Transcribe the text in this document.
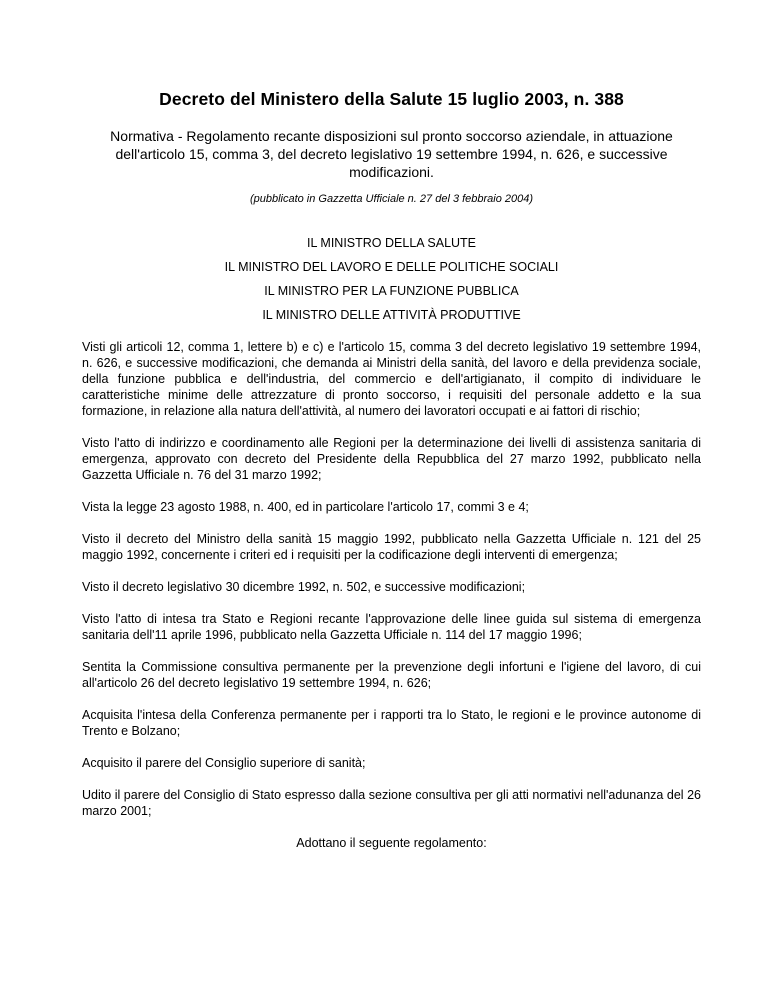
Decreto del Ministero della Salute 15 luglio 2003, n. 388

Normativa - Regolamento recante disposizioni sul pronto soccorso aziendale, in attuazione dell'articolo 15, comma 3, del decreto legislativo 19 settembre 1994, n. 626, e successive modificazioni.

(pubblicato in Gazzetta Ufficiale n. 27 del 3 febbraio 2004)

IL MINISTRO DELLA SALUTE
IL MINISTRO DEL LAVORO E DELLE POLITICHE SOCIALI
IL MINISTRO PER LA FUNZIONE PUBBLICA
IL MINISTRO DELLE ATTIVITÀ PRODUTTIVE

Visti gli articoli 12, comma 1, lettere b) e c) e l'articolo 15, comma 3 del decreto legislativo 19 settembre 1994, n. 626, e successive modificazioni, che demanda ai Ministri della sanità, del lavoro e della previdenza sociale, della funzione pubblica e dell'industria, del commercio e dell'artigianato, il compito di individuare le caratteristiche minime delle attrezzature di pronto soccorso, i requisiti del personale addetto e la sua formazione, in relazione alla natura dell'attività, al numero dei lavoratori occupati e ai fattori di rischio;

Visto l'atto di indirizzo e coordinamento alle Regioni per la determinazione dei livelli di assistenza sanitaria di emergenza, approvato con decreto del Presidente della Repubblica del 27 marzo 1992, pubblicato nella Gazzetta Ufficiale n. 76 del 31 marzo 1992;

Vista la legge 23 agosto 1988, n. 400, ed in particolare l'articolo 17, commi 3 e 4;

Visto il decreto del Ministro della sanità 15 maggio 1992, pubblicato nella Gazzetta Ufficiale n. 121 del 25 maggio 1992, concernente i criteri ed i requisiti per la codificazione degli interventi di emergenza;

Visto il decreto legislativo 30 dicembre 1992, n. 502, e successive modificazioni;

Visto l'atto di intesa tra Stato e Regioni recante l'approvazione delle linee guida sul sistema di emergenza sanitaria dell'11 aprile 1996, pubblicato nella Gazzetta Ufficiale n. 114 del 17 maggio 1996;

Sentita la Commissione consultiva permanente per la prevenzione degli infortuni e l'igiene del lavoro, di cui all'articolo 26 del decreto legislativo 19 settembre 1994, n. 626;

Acquisita l'intesa della Conferenza permanente per i rapporti tra lo Stato, le regioni e le province autonome di Trento e Bolzano;

Acquisito il parere del Consiglio superiore di sanità;

Udito il parere del Consiglio di Stato espresso dalla sezione consultiva per gli atti normativi nell'adunanza del 26 marzo 2001;

Adottano il seguente regolamento:
